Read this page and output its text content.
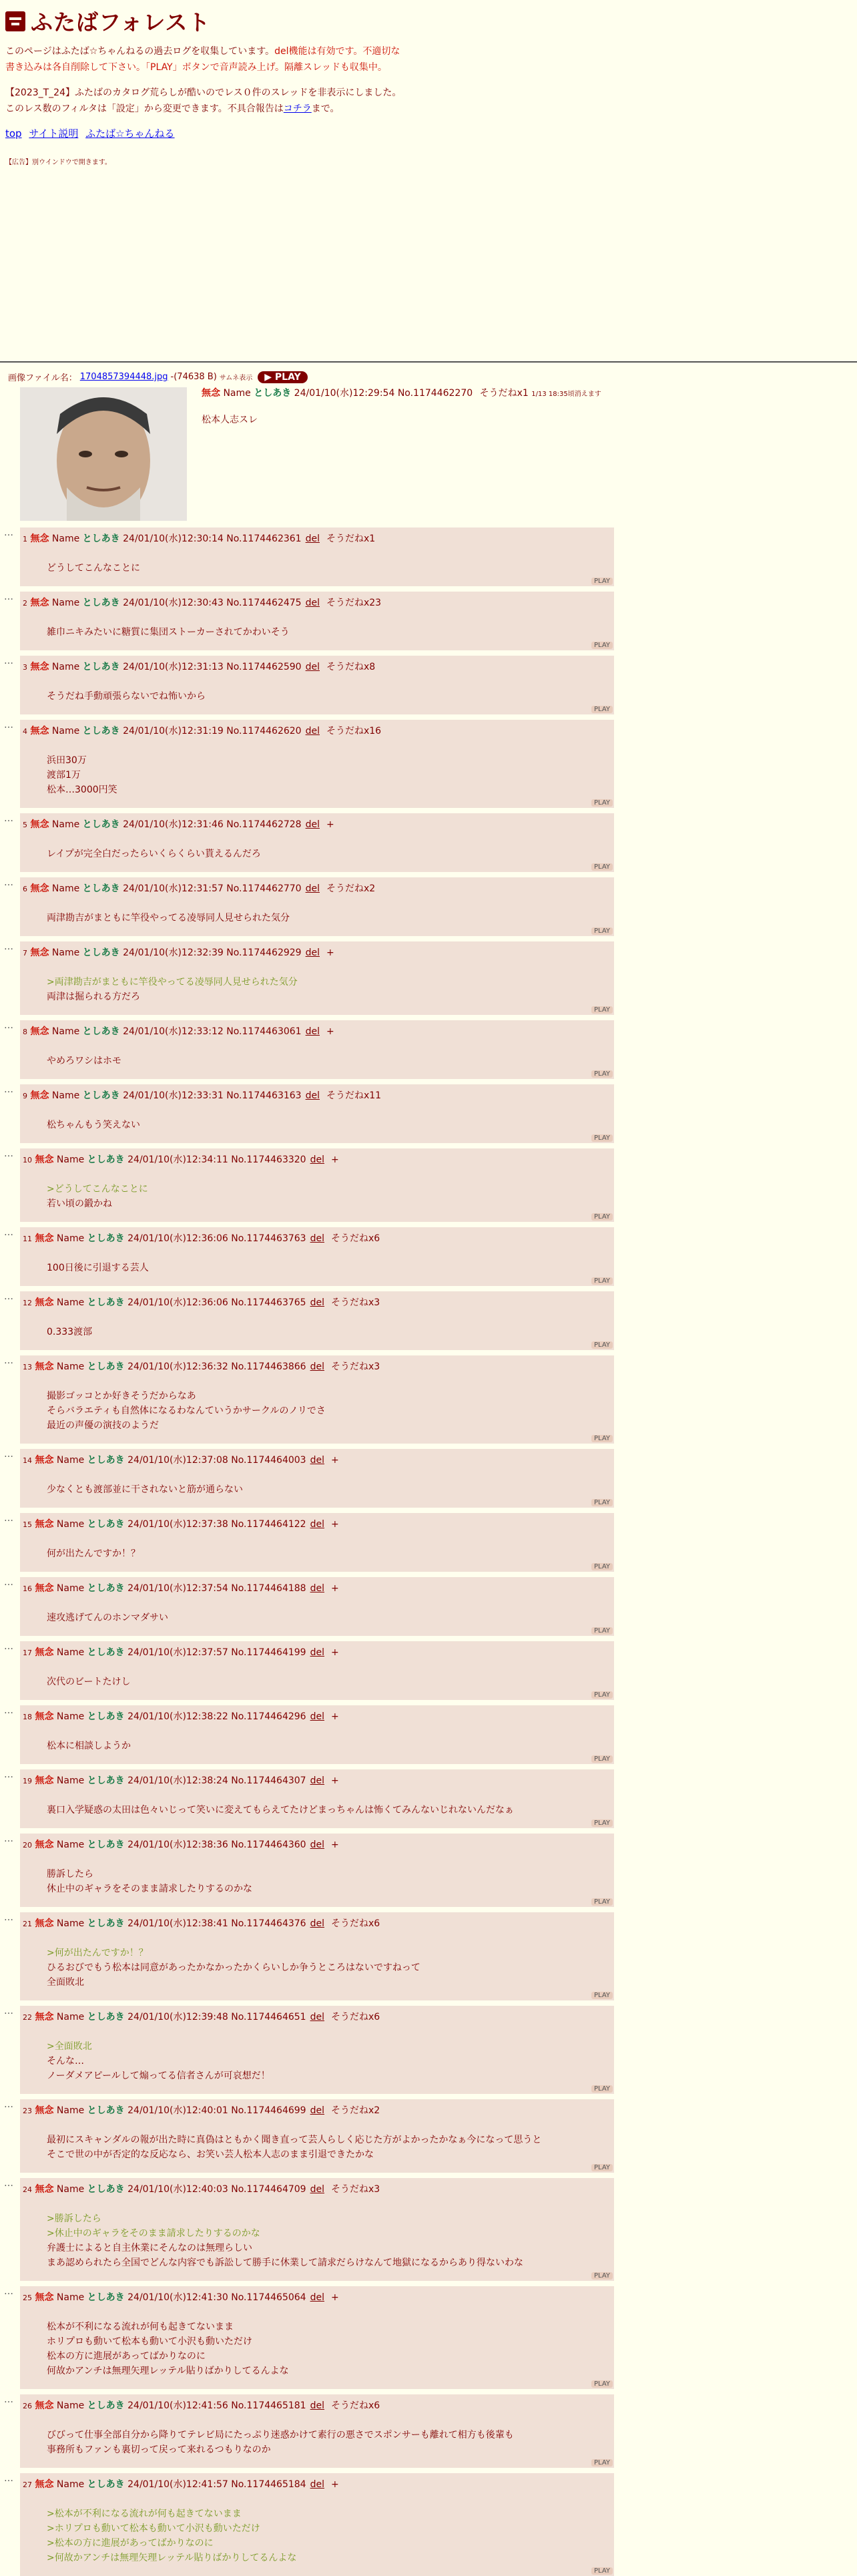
ふたばフォレスト

このページはふたば☆ちゃんねるの過去ログを収集しています。del機能は有効です。不適切な書き込みは各自削除して下さい。「PLAY」ボタンで音声読み上げ。隔離スレッドも収集中。

【2023_T_24】ふたばのカタログ荒らしが酷いのでレス０件のスレッドを非表示にしました。このレス数のフィルタは「設定」から変更できます。不具合報告はコチラまで。

top サイト説明 ふたば☆ちゃんねる
【広告】別ウインドウで開きます。
画像ファイル名： 1704857394448.jpg -(74638 B) サムネ表示	▶ PLAY
無念 Name としあき 24/01/10(水)12:29:54 No.1174462270 そうだねx1 1/13 18:35頃消えます
松本人志スレ
…
1 無念 Name としあき 24/01/10(水)12:30:14 No.1174462361 del そうだねx1
どうしてこんなことに
PLAY
…
2 無念 Name としあき 24/01/10(水)12:30:43 No.1174462475 del そうだねx23
雑巾ニキみたいに糖質に集団ストーカーされてかわいそう
PLAY
…
3 無念 Name としあき 24/01/10(水)12:31:13 No.1174462590 del そうだねx8
そうだね手動頑張らないでね怖いから
PLAY
…
4 無念 Name としあき 24/01/10(水)12:31:19 No.1174462620 del そうだねx16
浜田30万
渡部1万
松本…3000円笑
PLAY
…
5 無念 Name としあき 24/01/10(水)12:31:46 No.1174462728 del +
レイプが完全白だったらいくらくらい貰えるんだろ
PLAY
…
6 無念 Name としあき 24/01/10(水)12:31:57 No.1174462770 del そうだねx2
両津勘吉がまともに竿役やってる凌辱同人見せられた気分
PLAY
…
7 無念 Name としあき 24/01/10(水)12:32:39 No.1174462929 del +
>両津勘吉がまともに竿役やってる凌辱同人見せられた気分
両津は掘られる方だろ
PLAY
…
8 無念 Name としあき 24/01/10(水)12:33:12 No.1174463061 del +
やめろワシはホモ
PLAY
…
9 無念 Name としあき 24/01/10(水)12:33:31 No.1174463163 del そうだねx11
松ちゃんもう笑えない
PLAY
…
10 無念 Name としあき 24/01/10(水)12:34:11 No.1174463320 del +
>どうしてこんなことに
若い頃の鍛かね
PLAY
…
11 無念 Name としあき 24/01/10(水)12:36:06 No.1174463763 del そうだねx6
100日後に引退する芸人
PLAY
…
12 無念 Name としあき 24/01/10(水)12:36:06 No.1174463765 del そうだねx3
0.333渡部
PLAY
…
13 無念 Name としあき 24/01/10(水)12:36:32 No.1174463866 del そうだねx3
撮影ゴッコとか好きそうだからなあ
そらバラエティも自然体になるわなんていうかサークルのノリでさ
最近の声優の演技のようだ
PLAY
…
14 無念 Name としあき 24/01/10(水)12:37:08 No.1174464003 del +
少なくとも渡部並に干されないと筋が通らない
PLAY
…
15 無念 Name としあき 24/01/10(水)12:37:38 No.1174464122 del +
何が出たんですか！？
PLAY
…
16 無念 Name としあき 24/01/10(水)12:37:54 No.1174464188 del +
速攻逃げてんのホンマダサい
PLAY
…
17 無念 Name としあき 24/01/10(水)12:37:57 No.1174464199 del +
次代のビートたけし
PLAY
…
18 無念 Name としあき 24/01/10(水)12:38:22 No.1174464296 del +
松本に相談しようか
PLAY
…
19 無念 Name としあき 24/01/10(水)12:38:24 No.1174464307 del +
裏口入学疑惑の太田は色々いじって笑いに変えてもらえてたけどまっちゃんは怖くてみんないじれないんだなぁ
PLAY
…
20 無念 Name としあき 24/01/10(水)12:38:36 No.1174464360 del +
勝訴したら
休止中のギャラをそのまま請求したりするのかな
PLAY
…
21 無念 Name としあき 24/01/10(水)12:38:41 No.1174464376 del そうだねx6
>何が出たんですか！？
ひるおびでもう松本は同意があったかなかったかくらいしか争うところはないですねって
全面敗北
PLAY
…
22 無念 Name としあき 24/01/10(水)12:39:48 No.1174464651 del そうだねx6
>全面敗北
そんな…
ノーダメアピールして煽ってる信者さんが可哀想だ！
PLAY
…
23 無念 Name としあき 24/01/10(水)12:40:01 No.1174464699 del そうだねx2
最初にスキャンダルの報が出た時に真偽はともかく聞き直って芸人らしく応じた方がよかったかなぁ今になって思うと
そこで世の中が否定的な反応なら、お笑い芸人松本人志のまま引退できたかな
PLAY
…
24 無念 Name としあき 24/01/10(水)12:40:03 No.1174464709 del そうだねx3
>勝訴したら
>休止中のギャラをそのまま請求したりするのかな
弁護士によると自主休業にそんなのは無理らしい
まあ認められたら全国でどんな内容でも訴訟して勝手に休業して請求だらけなんて地獄になるからあり得ないわな
PLAY
…
25 無念 Name としあき 24/01/10(水)12:41:30 No.1174465064 del +
松本が不利になる流れが何も起きてないまま
ホリプロも動いて松本も動いて小沢も動いただけ
松本の方に進展があってばかりなのに
何故かアンチは無理矢理レッテル貼りばかりしてるんよな
PLAY
…
26 無念 Name としあき 24/01/10(水)12:41:56 No.1174465181 del そうだねx6
びびって仕事全部自分から降りてテレビ局にたっぷり迷惑かけて素行の悪さでスポンサーも離れて相方も後輩も
事務所もファンも裏切って戻って来れるつもりなのか
PLAY
…
27 無念 Name としあき 24/01/10(水)12:41:57 No.1174465184 del +
>松本が不利になる流れが何も起きてないまま
>ホリプロも動いて松本も動いて小沢も動いただけ
>松本の方に進展があってばかりなのに
>何故かアンチは無理矢理レッテル貼りばかりしてるんよな
PLAY
